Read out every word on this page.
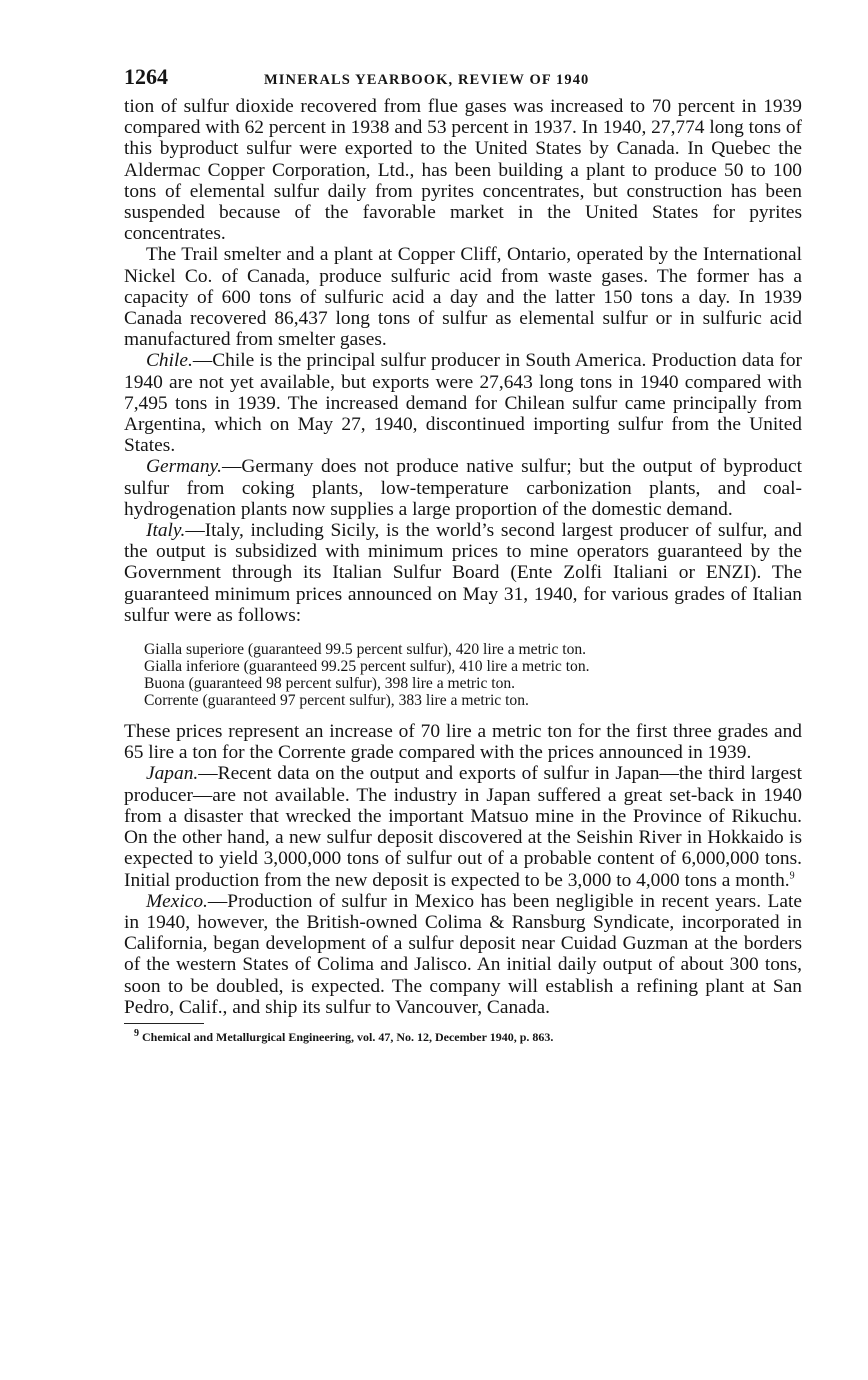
1264	MINERALS YEARBOOK, REVIEW OF 1940

tion of sulfur dioxide recovered from flue gases was increased to 70 percent in 1939 compared with 62 percent in 1938 and 53 percent in 1937. In 1940, 27,774 long tons of this byproduct sulfur were exported to the United States by Canada. In Quebec the Aldermac Copper Corporation, Ltd., has been building a plant to produce 50 to 100 tons of elemental sulfur daily from pyrites concentrates, but construction has been suspended because of the favorable market in the United States for pyrites concentrates.

The Trail smelter and a plant at Copper Cliff, Ontario, operated by the International Nickel Co. of Canada, produce sulfuric acid from waste gases. The former has a capacity of 600 tons of sulfuric acid a day and the latter 150 tons a day. In 1939 Canada recovered 86,437 long tons of sulfur as elemental sulfur or in sulfuric acid manufactured from smelter gases.

Chile.—Chile is the principal sulfur producer in South America. Production data for 1940 are not yet available, but exports were 27,643 long tons in 1940 compared with 7,495 tons in 1939. The increased demand for Chilean sulfur came principally from Argentina, which on May 27, 1940, discontinued importing sulfur from the United States.

Germany.—Germany does not produce native sulfur; but the output of byproduct sulfur from coking plants, low-temperature carbonization plants, and coal-hydrogenation plants now supplies a large proportion of the domestic demand.

Italy.—Italy, including Sicily, is the world’s second largest producer of sulfur, and the output is subsidized with minimum prices to mine operators guaranteed by the Government through its Italian Sulfur Board (Ente Zolfi Italiani or ENZI). The guaranteed minimum prices announced on May 31, 1940, for various grades of Italian sulfur were as follows:

Gialla superiore (guaranteed 99.5 percent sulfur), 420 lire a metric ton.
Gialla inferiore (guaranteed 99.25 percent sulfur), 410 lire a metric ton.
Buona (guaranteed 98 percent sulfur), 398 lire a metric ton.
Corrente (guaranteed 97 percent sulfur), 383 lire a metric ton.

These prices represent an increase of 70 lire a metric ton for the first three grades and 65 lire a ton for the Corrente grade compared with the prices announced in 1939.

Japan.—Recent data on the output and exports of sulfur in Japan—the third largest producer—are not available. The industry in Japan suffered a great set-back in 1940 from a disaster that wrecked the important Matsuo mine in the Province of Rikuchu. On the other hand, a new sulfur deposit discovered at the Seishin River in Hokkaido is expected to yield 3,000,000 tons of sulfur out of a probable content of 6,000,000 tons. Initial production from the new deposit is expected to be 3,000 to 4,000 tons a month.$^9$

Mexico.—Production of sulfur in Mexico has been negligible in recent years. Late in 1940, however, the British-owned Colima & Ransburg Syndicate, incorporated in California, began development of a sulfur deposit near Cuidad Guzman at the borders of the western States of Colima and Jalisco. An initial daily output of about 300 tons, soon to be doubled, is expected. The company will establish a refining plant at San Pedro, Calif., and ship its sulfur to Vancouver, Canada.

$^9$ Chemical and Metallurgical Engineering, vol. 47, No. 12, December 1940, p. 863.
